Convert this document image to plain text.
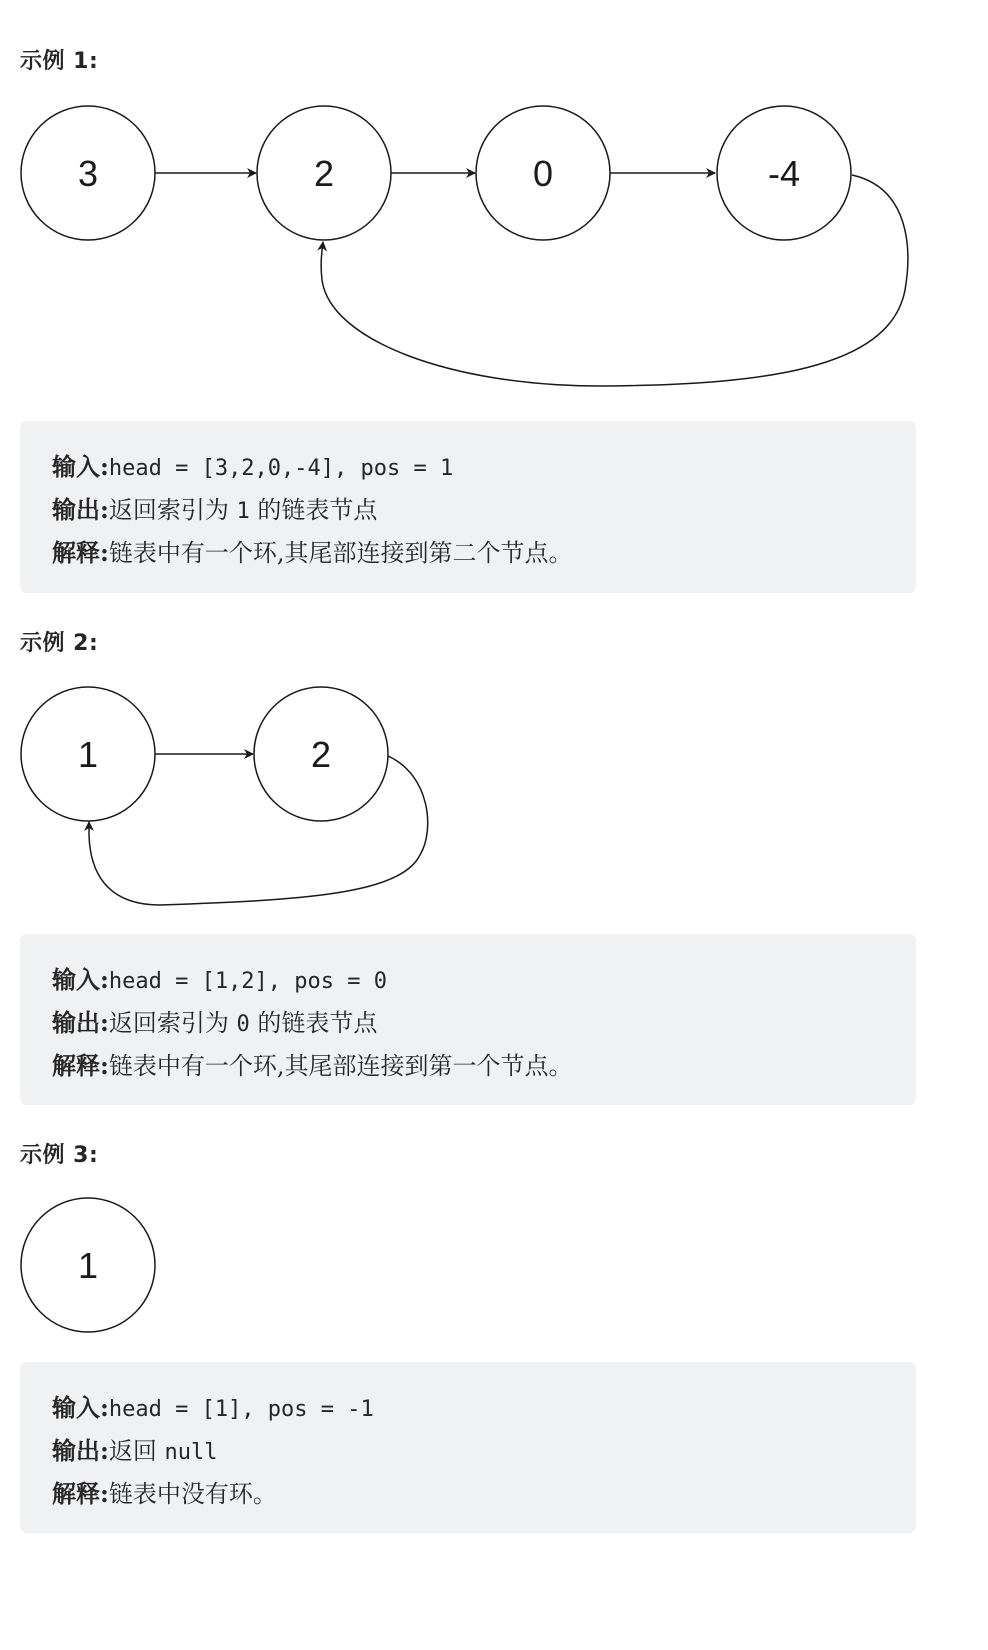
示例 1:
3	2	0	-4
输入:head = [3,2,0,-4], pos = 1
输出:返回索引为 1 的链表节点
解释:链表中有一个环,其尾部连接到第二个节点。
示例 2:
1	2
输入:head = [1,2], pos = 0
输出:返回索引为 0 的链表节点
解释:链表中有一个环,其尾部连接到第一个节点。
示例 3:
1
输入:head = [1], pos = -1
输出:返回 null
解释:链表中没有环。
